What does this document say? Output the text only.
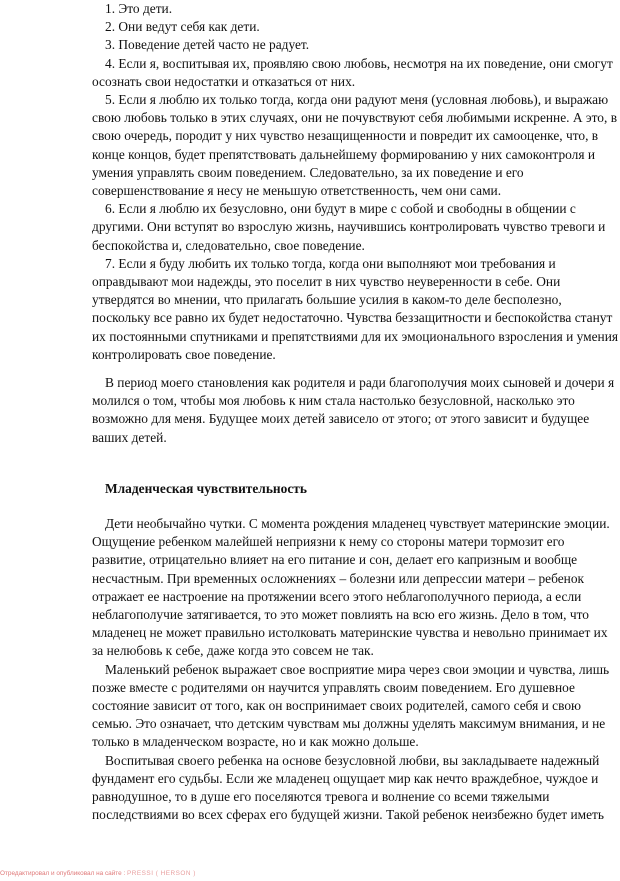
1. Это дети.

2. Они ведут себя как дети.

3. Поведение детей часто не радует.

4. Если я, воспитывая их, проявляю свою любовь, несмотря на их поведение, они смогут осознать свои недостатки и отказаться от них.

5. Если я люблю их только тогда, когда они радуют меня (условная любовь), и выражаю свою любовь только в этих случаях, они не почувствуют себя любимыми искренне. А это, в свою очередь, породит у них чувство незащищенности и повредит их самооценке, что, в конце концов, будет препятствовать дальнейшему формированию у них самоконтроля и умения управлять своим поведением. Следовательно, за их поведение и его совершенствование я несу не меньшую ответственность, чем они сами.

6. Если я люблю их безусловно, они будут в мире с собой и свободны в общении с другими. Они вступят во взрослую жизнь, научившись контролировать чувство тревоги и беспокойства и, следовательно, свое поведение.

7. Если я буду любить их только тогда, когда они выполняют мои требования и оправдывают мои надежды, это поселит в них чувство неуверенности в себе. Они утвердятся во мнении, что прилагать большие усилия в каком-то деле бесполезно, поскольку все равно их будет недостаточно. Чувства беззащитности и беспокойства станут их постоянными спутниками и препятствиями для их эмоционального взросления и умения контролировать свое поведение.

В период моего становления как родителя и ради благополучия моих сыновей и дочери я молился о том, чтобы моя любовь к ним стала настолько безусловной, насколько это возможно для меня. Будущее моих детей зависело от этого; от этого зависит и будущее ваших детей.

Младенческая чувствительность

Дети необычайно чутки. С момента рождения младенец чувствует материнские эмоции. Ощущение ребенком малейшей неприязни к нему со стороны матери тормозит его развитие, отрицательно влияет на его питание и сон, делает его капризным и вообще несчастным. При временных осложнениях – болезни или депрессии матери – ребенок отражает ее настроение на протяжении всего этого неблагополучного периода, а если неблагополучие затягивается, то это может повлиять на всю его жизнь. Дело в том, что младенец не может правильно истолковать материнские чувства и невольно принимает их за нелюбовь к себе, даже когда это совсем не так.

Маленький ребенок выражает свое восприятие мира через свои эмоции и чувства, лишь позже вместе с родителями он научится управлять своим поведением. Его душевное состояние зависит от того, как он воспринимает своих родителей, самого себя и свою семью. Это означает, что детским чувствам мы должны уделять максимум внимания, и не только в младенческом возрасте, но и как можно дольше.

Воспитывая своего ребенка на основе безусловной любви, вы закладываете надежный фундамент его судьбы. Если же младенец ощущает мир как нечто враждебное, чуждое и равнодушное, то в душе его поселяются тревога и волнение со всеми тяжелыми последствиями во всех сферах его будущей жизни. Такой ребенок неизбежно будет иметь

Отредактировал и опубликовал на сайте : PRESSI ( HERSON )
